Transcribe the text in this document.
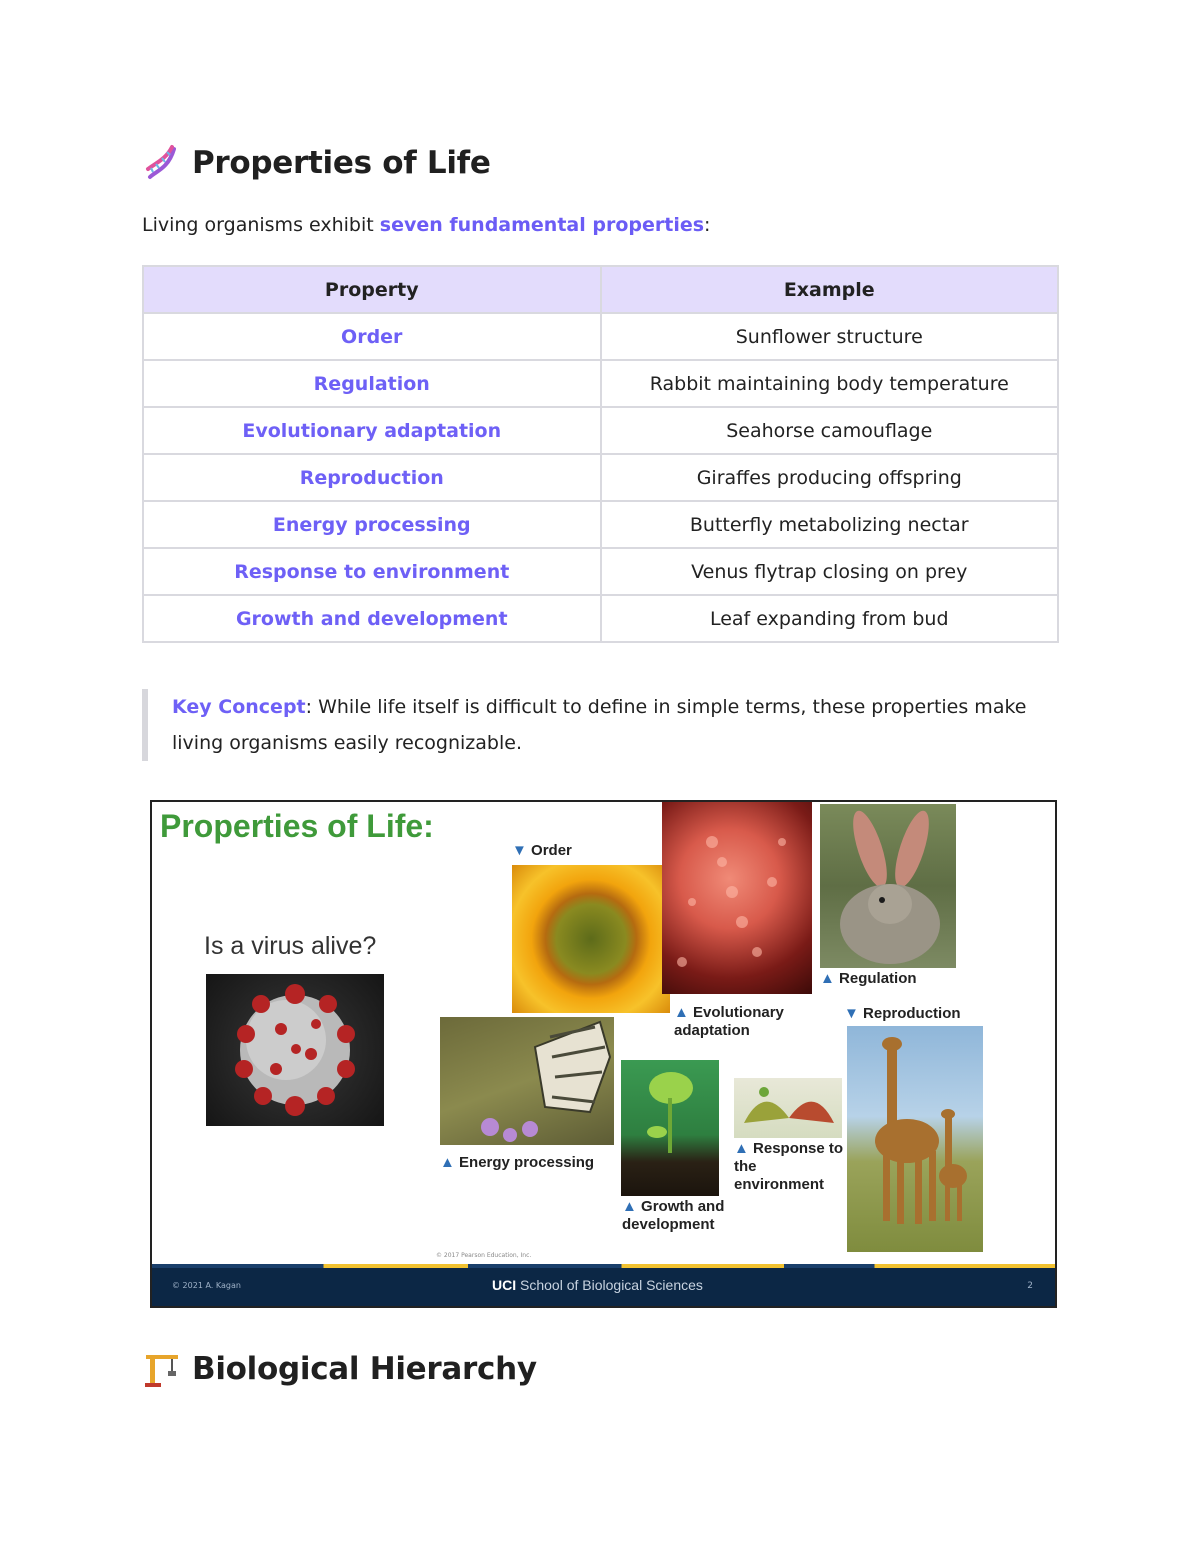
Properties of Life
Living organisms exhibit seven fundamental properties:
Property	Example
Order	Sunflower structure
Regulation	Rabbit maintaining body temperature
Evolutionary adaptation	Seahorse camouflage
Reproduction	Giraffes producing offspring
Energy processing	Butterfly metabolizing nectar
Response to environment	Venus flytrap closing on prey
Growth and development	Leaf expanding from bud
Key Concept: While life itself is difficult to define in simple terms, these properties make living organisms easily recognizable.
Properties of Life:
Is a virus alive?
▼ Order
▲ Evolutionary adaptation
▲ Regulation
▼ Reproduction
▲ Energy processing
▲ Growth and development
▲ Response to the environment
© 2017 Pearson Education, Inc.
© 2021 A. Kagan	UCI School of Biological Sciences	2
Biological Hierarchy
